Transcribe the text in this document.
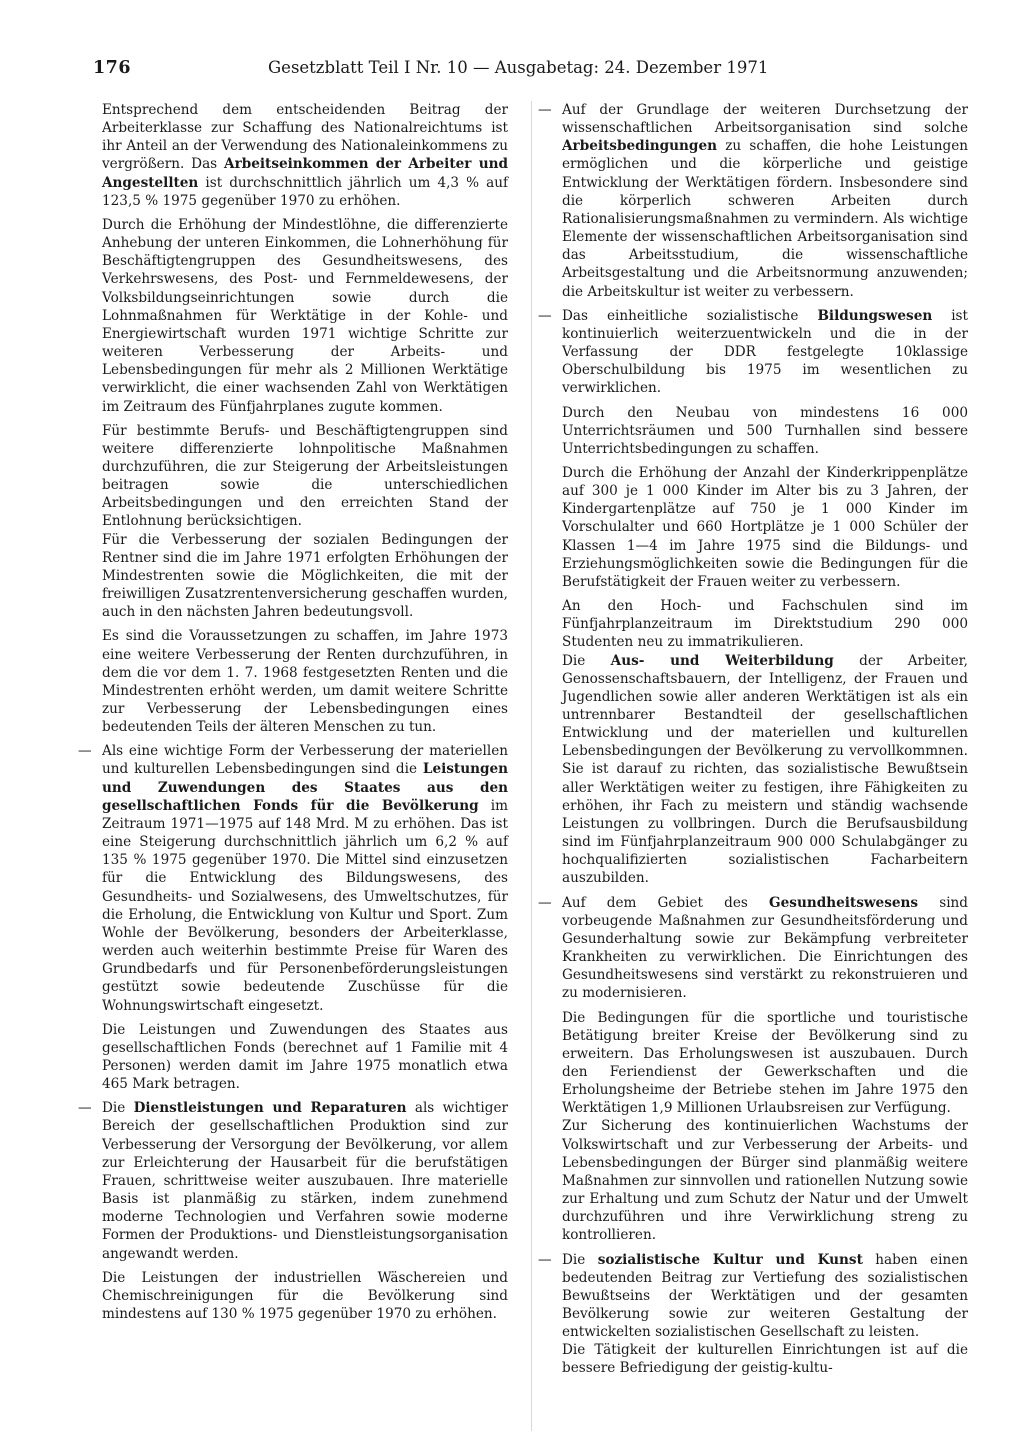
176	Gesetzblatt Teil I Nr. 10 — Ausgabetag: 24. Dezember 1971

Entsprechend dem entscheidenden Beitrag der Arbeiterklasse zur Schaffung des Nationalreichtums ist ihr Anteil an der Verwendung des Nationaleinkommens zu vergrößern. Das Arbeitseinkommen der Arbeiter und Angestellten ist durchschnittlich jährlich um 4,3 % auf 123,5 % 1975 gegenüber 1970 zu erhöhen.

Durch die Erhöhung der Mindestlöhne, die differenzierte Anhebung der unteren Einkommen, die Lohnerhöhung für Beschäftigtengruppen des Gesundheitswesens, des Verkehrswesens, des Post- und Fernmeldewesens, der Volksbildungseinrichtungen sowie durch die Lohnmaßnahmen für Werktätige in der Kohle- und Energiewirtschaft wurden 1971 wichtige Schritte zur weiteren Verbesserung der Arbeits- und Lebensbedingungen für mehr als 2 Millionen Werktätige verwirklicht, die einer wachsenden Zahl von Werktätigen im Zeitraum des Fünfjahrplanes zugute kommen.

Für bestimmte Berufs- und Beschäftigtengruppen sind weitere differenzierte lohnpolitische Maßnahmen durchzuführen, die zur Steigerung der Arbeitsleistungen beitragen sowie die unterschiedlichen Arbeitsbedingungen und den erreichten Stand der Entlohnung berücksichtigen.

Für die Verbesserung der sozialen Bedingungen der Rentner sind die im Jahre 1971 erfolgten Erhöhungen der Mindestrenten sowie die Möglichkeiten, die mit der freiwilligen Zusatzrentenversicherung geschaffen wurden, auch in den nächsten Jahren bedeutungsvoll.

Es sind die Voraussetzungen zu schaffen, im Jahre 1973 eine weitere Verbesserung der Renten durchzuführen, in dem die vor dem 1. 7. 1968 festgesetzten Renten und die Mindestrenten erhöht werden, um damit weitere Schritte zur Verbesserung der Lebensbedingungen eines bedeutenden Teils der älteren Menschen zu tun.

— Als eine wichtige Form der Verbesserung der materiellen und kulturellen Lebensbedingungen sind die Leistungen und Zuwendungen des Staates aus den gesellschaftlichen Fonds für die Bevölkerung im Zeitraum 1971—1975 auf 148 Mrd. M zu erhöhen. Das ist eine Steigerung durchschnittlich jährlich um 6,2 % auf 135 % 1975 gegenüber 1970. Die Mittel sind einzusetzen für die Entwicklung des Bildungswesens, des Gesundheits- und Sozialwesens, des Umweltschutzes, für die Erholung, die Entwicklung von Kultur und Sport. Zum Wohle der Bevölkerung, besonders der Arbeiterklasse, werden auch weiterhin bestimmte Preise für Waren des Grundbedarfs und für Personenbeförderungsleistungen gestützt sowie bedeutende Zuschüsse für die Wohnungswirtschaft eingesetzt.

Die Leistungen und Zuwendungen des Staates aus gesellschaftlichen Fonds (berechnet auf 1 Familie mit 4 Personen) werden damit im Jahre 1975 monatlich etwa 465 Mark betragen.

— Die Dienstleistungen und Reparaturen als wichtiger Bereich der gesellschaftlichen Produktion sind zur Verbesserung der Versorgung der Bevölkerung, vor allem zur Erleichterung der Hausarbeit für die berufstätigen Frauen, schrittweise weiter auszubauen. Ihre materielle Basis ist planmäßig zu stärken, indem zunehmend moderne Technologien und Verfahren sowie moderne Formen der Produktions- und Dienstleistungsorganisation angewandt werden.

Die Leistungen der industriellen Wäschereien und Chemischreinigungen für die Bevölkerung sind mindestens auf 130 % 1975 gegenüber 1970 zu erhöhen.

— Auf der Grundlage der weiteren Durchsetzung der wissenschaftlichen Arbeitsorganisation sind solche Arbeitsbedingungen zu schaffen, die hohe Leistungen ermöglichen und die körperliche und geistige Entwicklung der Werktätigen fördern. Insbesondere sind die körperlich schweren Arbeiten durch Rationalisierungsmaßnahmen zu vermindern. Als wichtige Elemente der wissenschaftlichen Arbeitsorganisation sind das Arbeitsstudium, die wissenschaftliche Arbeitsgestaltung und die Arbeitsnormung anzuwenden; die Arbeitskultur ist weiter zu verbessern.

— Das einheitliche sozialistische Bildungswesen ist kontinuierlich weiterzuentwickeln und die in der Verfassung der DDR festgelegte 10klassige Oberschulbildung bis 1975 im wesentlichen zu verwirklichen.

Durch den Neubau von mindestens 16 000 Unterrichtsräumen und 500 Turnhallen sind bessere Unterrichtsbedingungen zu schaffen.

Durch die Erhöhung der Anzahl der Kinderkrippenplätze auf 300 je 1 000 Kinder im Alter bis zu 3 Jahren, der Kindergartenplätze auf 750 je 1 000 Kinder im Vorschulalter und 660 Hortplätze je 1 000 Schüler der Klassen 1—4 im Jahre 1975 sind die Bildungs- und Erziehungsmöglichkeiten sowie die Bedingungen für die Berufstätigkeit der Frauen weiter zu verbessern.

An den Hoch- und Fachschulen sind im Fünfjahrplanzeitraum im Direktstudium 290 000 Studenten neu zu immatrikulieren.

Die Aus- und Weiterbildung der Arbeiter, Genossenschaftsbauern, der Intelligenz, der Frauen und Jugendlichen sowie aller anderen Werktätigen ist als ein untrennbarer Bestandteil der gesellschaftlichen Entwicklung und der materiellen und kulturellen Lebensbedingungen der Bevölkerung zu vervollkommnen. Sie ist darauf zu richten, das sozialistische Bewußtsein aller Werktätigen weiter zu festigen, ihre Fähigkeiten zu erhöhen, ihr Fach zu meistern und ständig wachsende Leistungen zu vollbringen. Durch die Berufsausbildung sind im Fünfjahrplanzeitraum 900 000 Schulabgänger zu hochqualifizierten sozialistischen Facharbeitern auszubilden.

— Auf dem Gebiet des Gesundheitswesens sind vorbeugende Maßnahmen zur Gesundheitsförderung und Gesunderhaltung sowie zur Bekämpfung verbreiteter Krankheiten zu verwirklichen. Die Einrichtungen des Gesundheitswesens sind verstärkt zu rekonstruieren und zu modernisieren.

Die Bedingungen für die sportliche und touristische Betätigung breiter Kreise der Bevölkerung sind zu erweitern. Das Erholungswesen ist auszubauen. Durch den Feriendienst der Gewerkschaften und die Erholungsheime der Betriebe stehen im Jahre 1975 den Werktätigen 1,9 Millionen Urlaubsreisen zur Verfügung.

Zur Sicherung des kontinuierlichen Wachstums der Volkswirtschaft und zur Verbesserung der Arbeits- und Lebensbedingungen der Bürger sind planmäßig weitere Maßnahmen zur sinnvollen und rationellen Nutzung sowie zur Erhaltung und zum Schutz der Natur und der Umwelt durchzuführen und ihre Verwirklichung streng zu kontrollieren.

— Die sozialistische Kultur und Kunst haben einen bedeutenden Beitrag zur Vertiefung des sozialistischen Bewußtseins der Werktätigen und der gesamten Bevölkerung sowie zur weiteren Gestaltung der entwickelten sozialistischen Gesellschaft zu leisten.

Die Tätigkeit der kulturellen Einrichtungen ist auf die bessere Befriedigung der geistig-kultu-
